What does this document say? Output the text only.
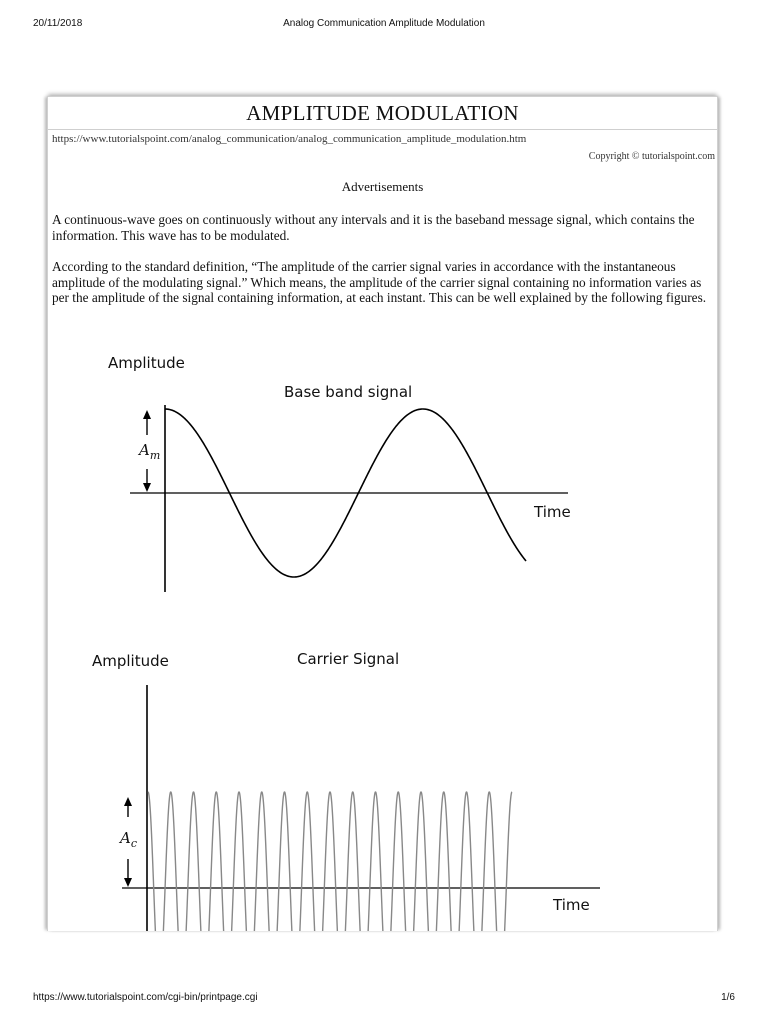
20/11/2018	Analog Communication Amplitude Modulation
AMPLITUDE MODULATION
https://www.tutorialspoint.com/analog_communication/analog_communication_amplitude_modulation.htm
Copyright © tutorialspoint.com
Advertisements

A continuous-wave goes on continuously without any intervals and it is the baseband message signal, which contains the information. This wave has to be modulated.

According to the standard definition, “The amplitude of the carrier signal varies in accordance with the instantaneous amplitude of the modulating signal.” Which means, the amplitude of the carrier signal containing no information varies as per the amplitude of the signal containing information, at each instant. This can be well explained by the following figures.

Amplitude
Base band signal
$A_m$
Time
Amplitude	Carrier Signal
$A_c$
Time
https://www.tutorialspoint.com/cgi-bin/printpage.cgi	1/6
